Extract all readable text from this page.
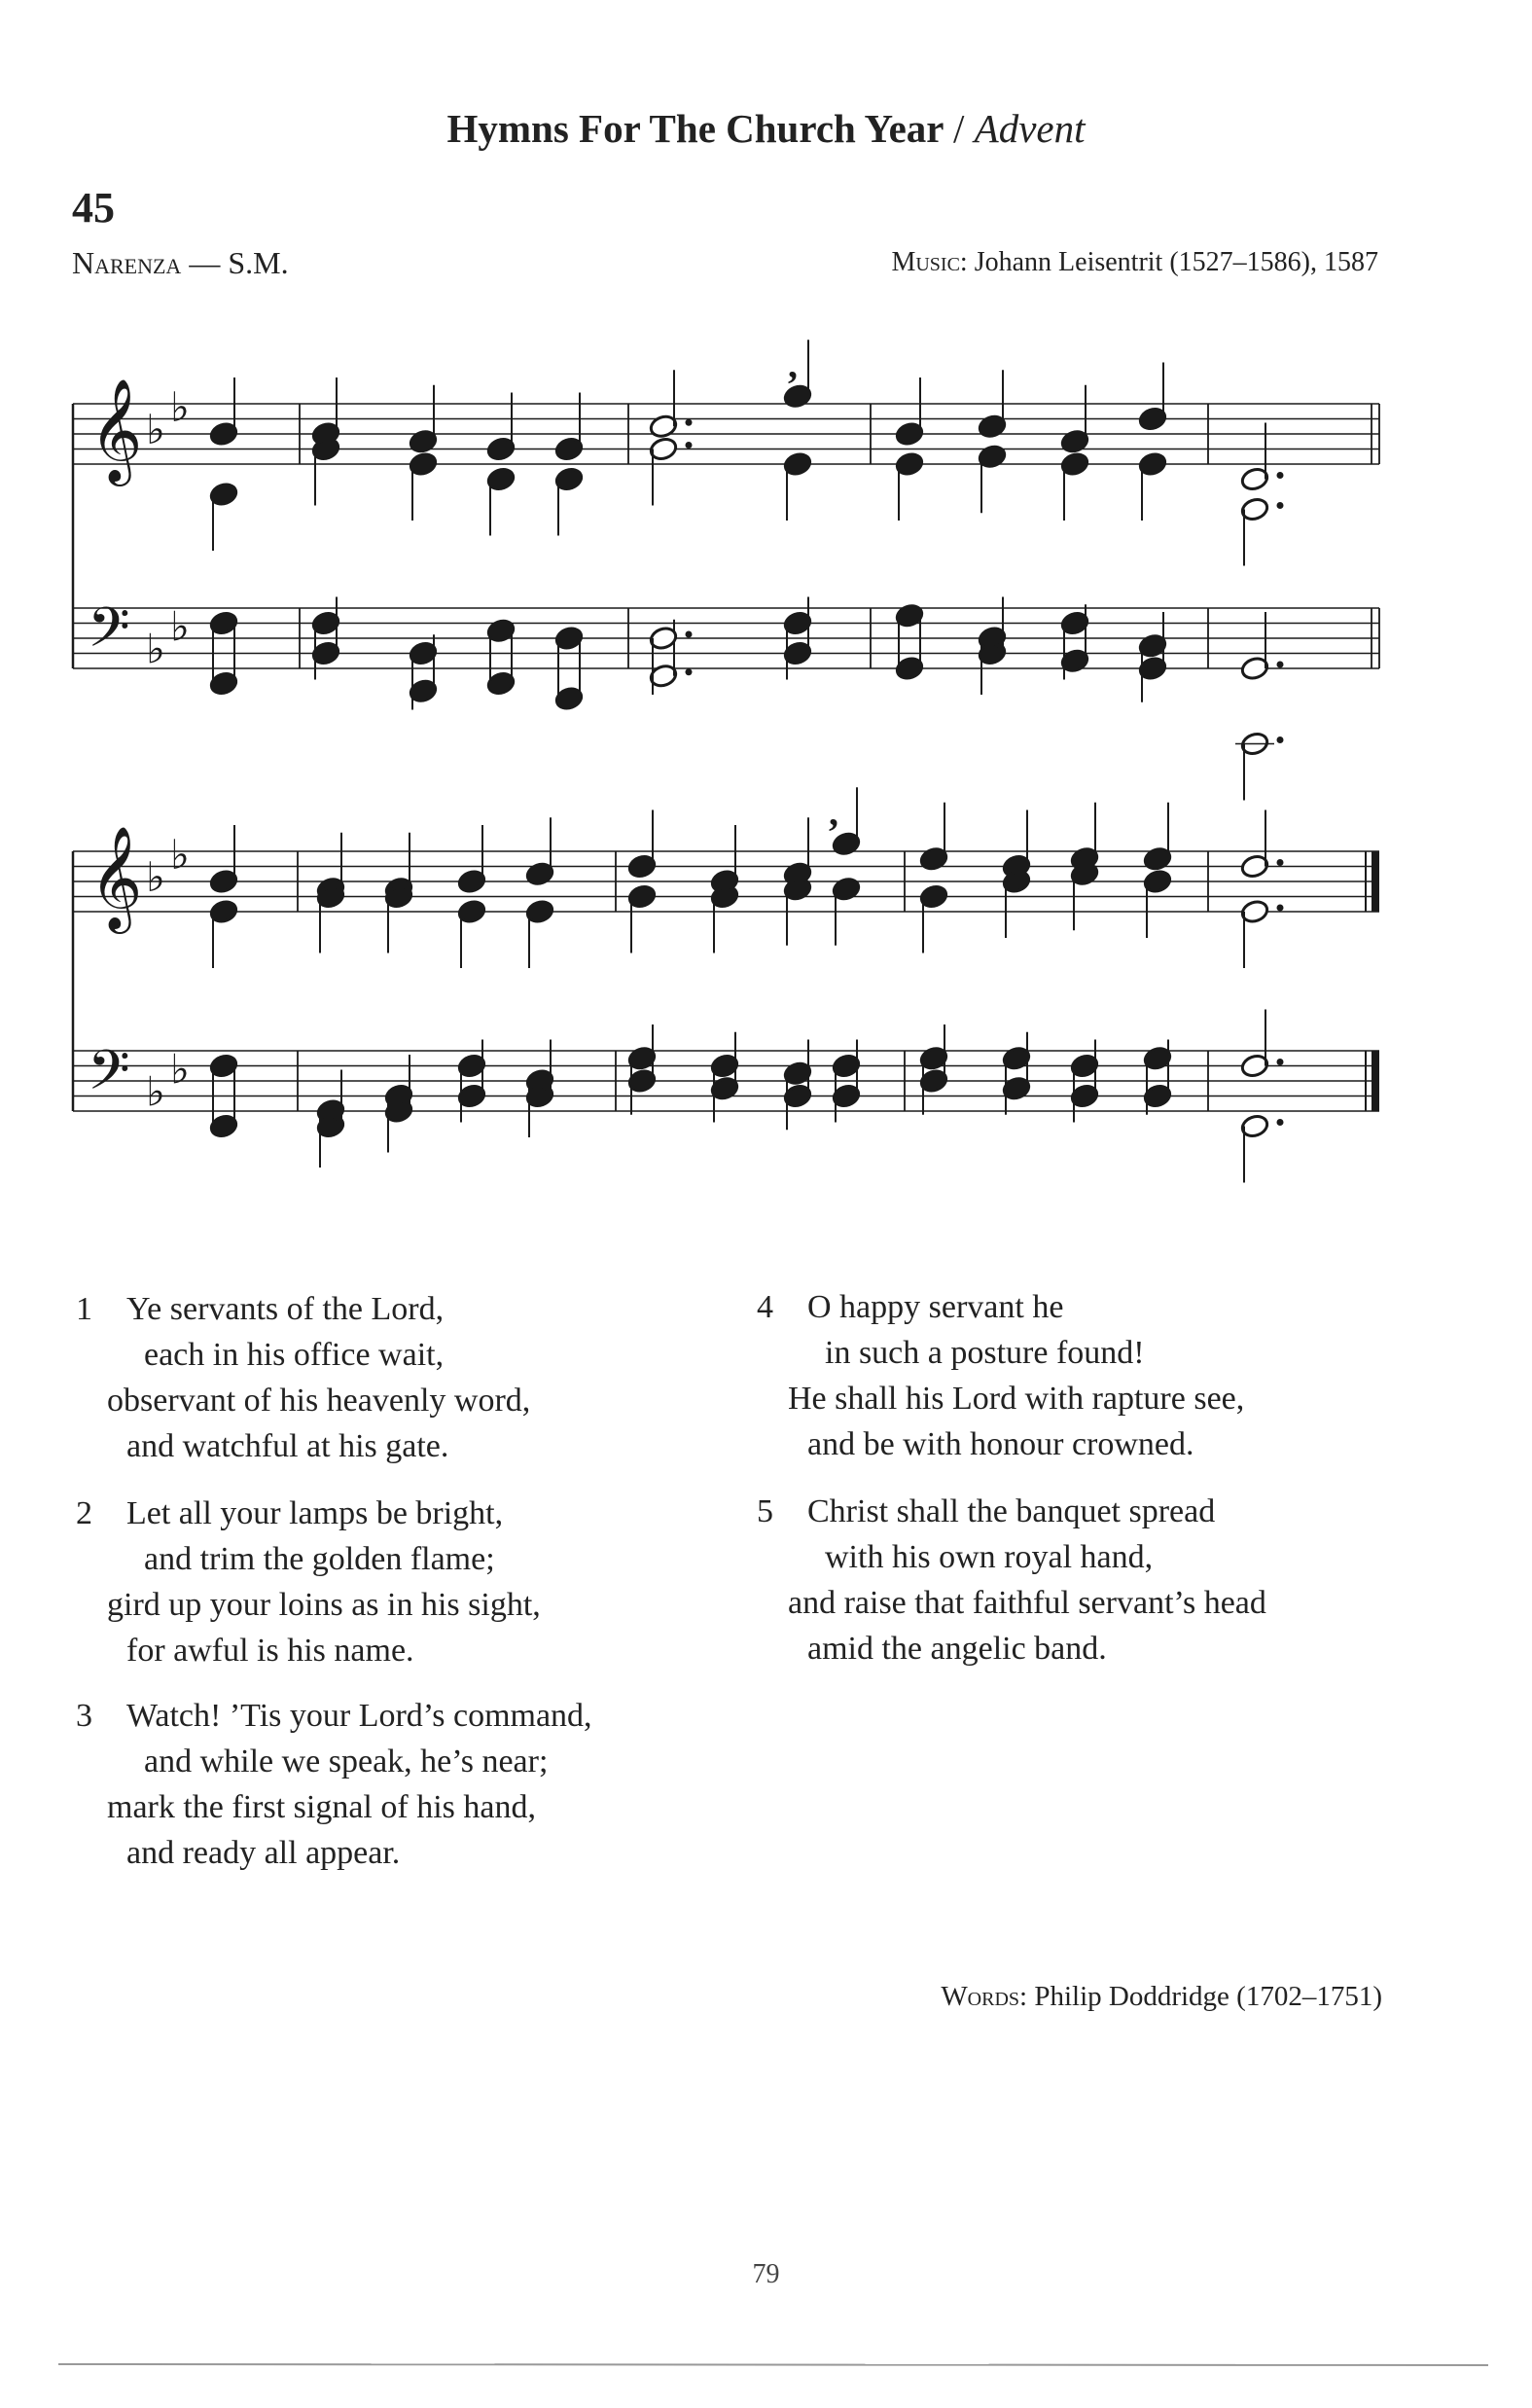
Hymns For The Church Year / Advent
45
Narenza — S.M.	Music: Johann Leisentrit (1527–1586), 1587
𝄞
𝄢
♭ ♭
♭ ♭
,
𝄞
𝄢
♭ ♭
♭ ♭
,
1 Ye servants of the Lord,
each in his office wait,
observant of his heavenly word,
and watchful at his gate.
2 Let all your lamps be bright,
and trim the golden flame;
gird up your loins as in his sight,
for awful is his name.
3 Watch! ’Tis your Lord’s command,
and while we speak, he’s near;
mark the first signal of his hand,
and ready all appear.
4 O happy servant he
in such a posture found!
He shall his Lord with rapture see,
and be with honour crowned.
5 Christ shall the banquet spread
with his own royal hand,
and raise that faithful servant’s head
amid the angelic band.
Words: Philip Doddridge (1702–1751)
79
